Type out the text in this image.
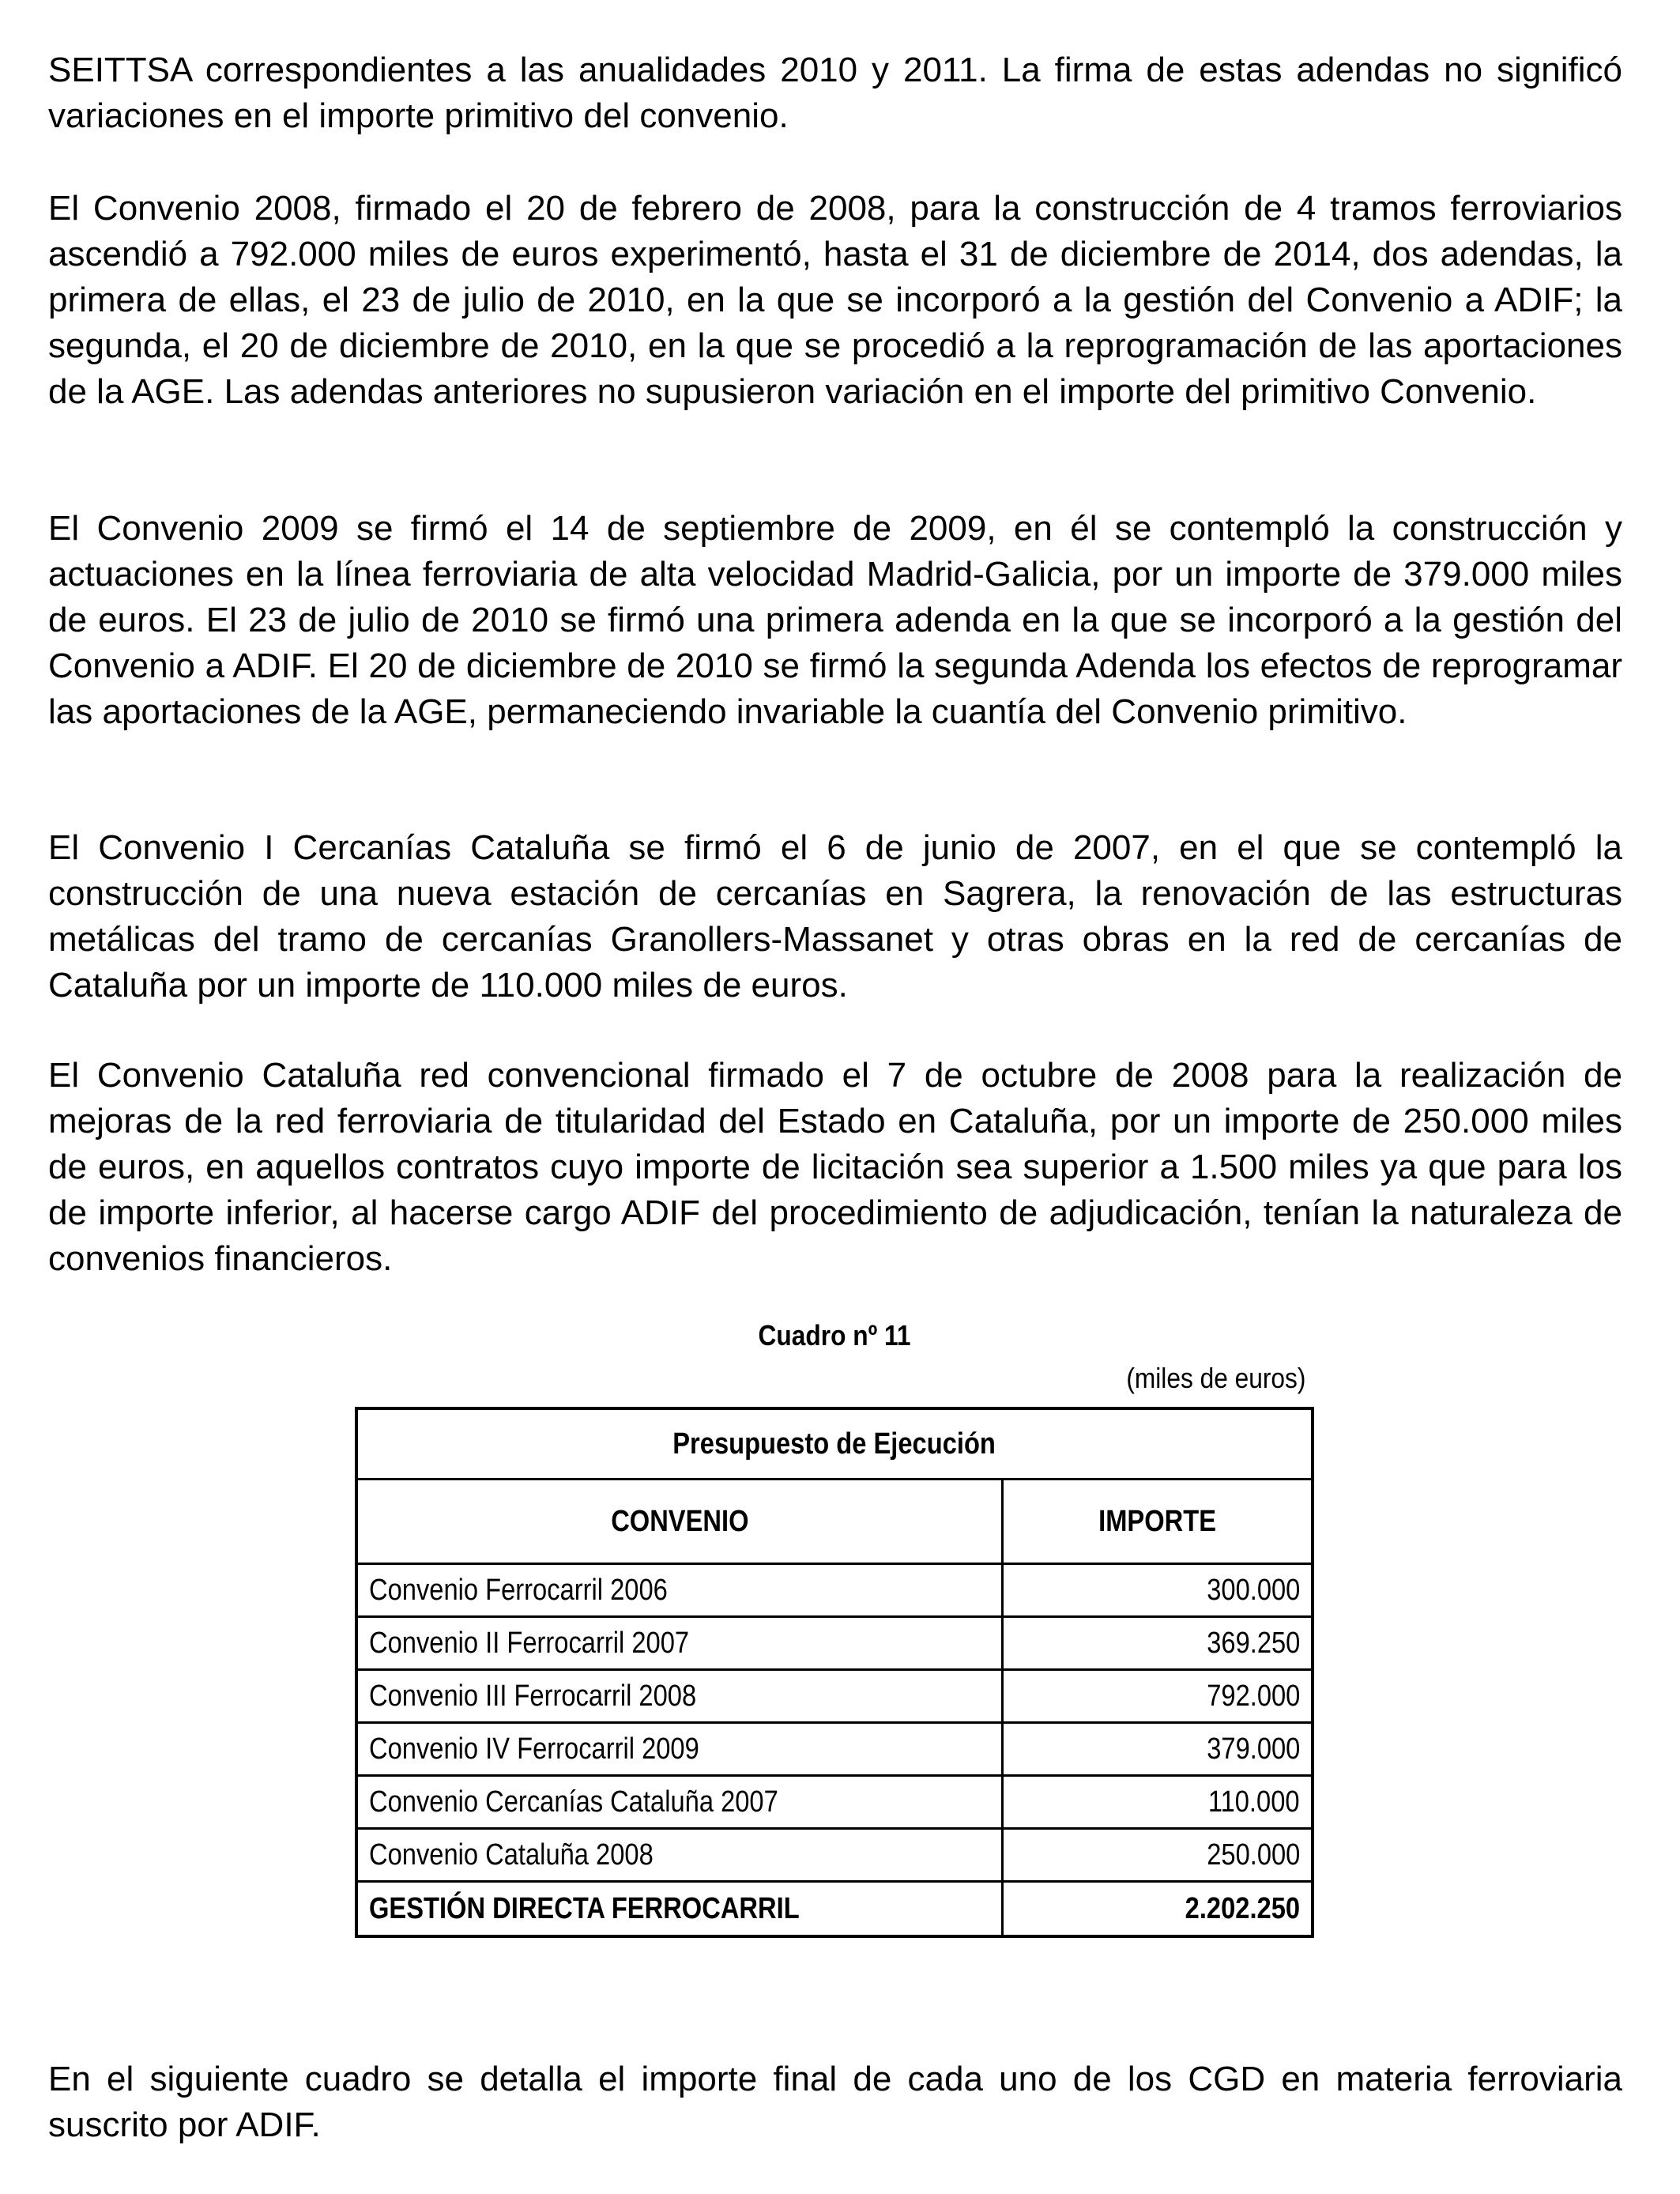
SEITTSA correspondientes a las anualidades 2010 y 2011. La firma de estas adendas no significó variaciones en el importe primitivo del convenio.

El Convenio 2008, firmado el 20 de febrero de 2008, para la construcción de 4 tramos ferroviarios ascendió a 792.000 miles de euros experimentó, hasta el 31 de diciembre de 2014, dos adendas, la primera de ellas, el 23 de julio de 2010, en la que se incorporó a la gestión del Convenio a ADIF; la segunda, el 20 de diciembre de 2010, en la que se procedió a la reprogramación de las aportaciones de la AGE. Las adendas anteriores no supusieron variación en el importe del primitivo Convenio.

El Convenio 2009 se firmó el 14 de septiembre de 2009, en él se contempló la construcción y actuaciones en la línea ferroviaria de alta velocidad Madrid-Galicia, por un importe de 379.000 miles de euros. El 23 de julio de 2010 se firmó una primera adenda en la que se incorporó a la gestión del Convenio a ADIF. El 20 de diciembre de 2010 se firmó la segunda Adenda los efectos de reprogramar las aportaciones de la AGE, permaneciendo invariable la cuantía del Convenio primitivo.

El Convenio I Cercanías Cataluña se firmó el 6 de junio de 2007, en el que se contempló la construcción de una nueva estación de cercanías en Sagrera, la renovación de las estructuras metálicas del tramo de cercanías Granollers-Massanet y otras obras en la red de cercanías de Cataluña por un importe de 110.000 miles de euros.

El Convenio Cataluña red convencional firmado el 7 de octubre de 2008 para la realización de mejoras de la red ferroviaria de titularidad del Estado en Cataluña, por un importe de 250.000 miles de euros, en aquellos contratos cuyo importe de licitación sea superior a 1.500 miles ya que para los de importe inferior, al hacerse cargo ADIF del procedimiento de adjudicación, tenían la naturaleza de convenios financieros.

En el siguiente cuadro se detalla el importe final de cada uno de los CGD en materia ferroviaria suscrito por ADIF.

Cuadro nº 11
(miles de euros)
Presupuesto de Ejecución	
CONVENIO	IMPORTE
Convenio Ferrocarril 2006	300.000
Convenio II Ferrocarril 2007	369.250
Convenio III Ferrocarril 2008	792.000
Convenio IV Ferrocarril 2009	379.000
Convenio Cercanías Cataluña 2007	110.000
Convenio Cataluña 2008	250.000
GESTIÓN DIRECTA FERROCARRIL	2.202.250
